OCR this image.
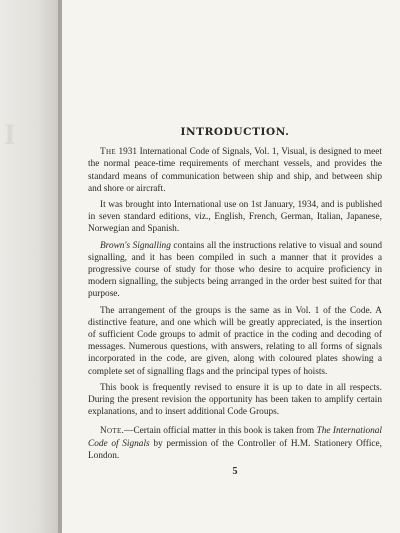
I	INTRODUCTION.

The 1931 International Code of Signals, Vol. 1, Visual, is designed to meet the normal peace-time requirements of merchant vessels, and provides the standard means of communication between ship and ship, and between ship and shore or aircraft.

It was brought into International use on 1st January, 1934, and is published in seven standard editions, viz., English, French, German, Italian, Japanese, Norwegian and Spanish.

Brown's Signalling contains all the instructions relative to visual and sound signalling, and it has been compiled in such a manner that it provides a progressive course of study for those who desire to acquire proficiency in modern signalling, the subjects being arranged in the order best suited for that purpose.

The arrangement of the groups is the same as in Vol. 1 of the Code. A distinctive feature, and one which will be greatly appreciated, is the insertion of sufficient Code groups to admit of practice in the coding and decoding of messages. Numerous questions, with answers, relating to all forms of signals incorporated in the code, are given, along with coloured plates showing a complete set of signalling flags and the principal types of hoists.

This book is frequently revised to ensure it is up to date in all respects. During the present revision the opportunity has been taken to amplify certain explanations, and to insert additional Code Groups.

Note.—Certain official matter in this book is taken from The International Code of Signals by permission of the Controller of H.M. Stationery Office, London.

5
